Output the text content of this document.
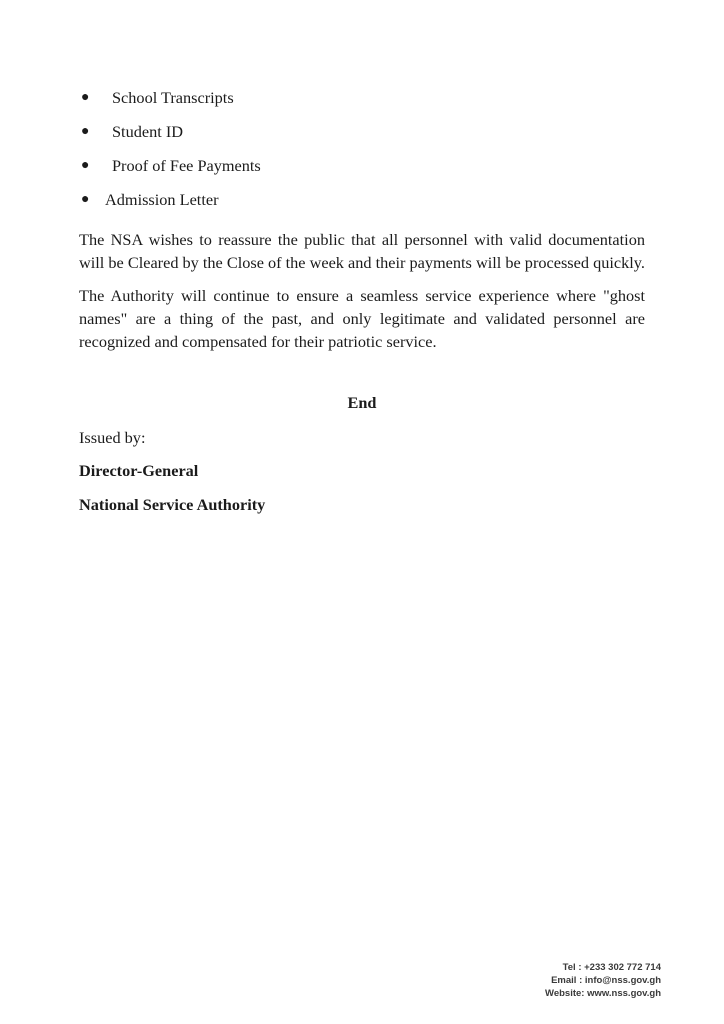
●	School Transcripts
●	Student ID
●	Proof of Fee Payments
● Admission Letter

The NSA wishes to reassure the public that all personnel with valid documentation
will be Cleared by the Close of the week and their payments will be processed quickly.

The Authority will continue to ensure a seamless service experience where "ghost
names" are a thing of the past, and only legitimate and validated personnel are
recognized and compensated for their patriotic service.

End

Issued by:

Director-General

National Service Authority

Tel : +233 302 772 714
Email : info@nss.gov.gh
Website: www.nss.gov.gh
